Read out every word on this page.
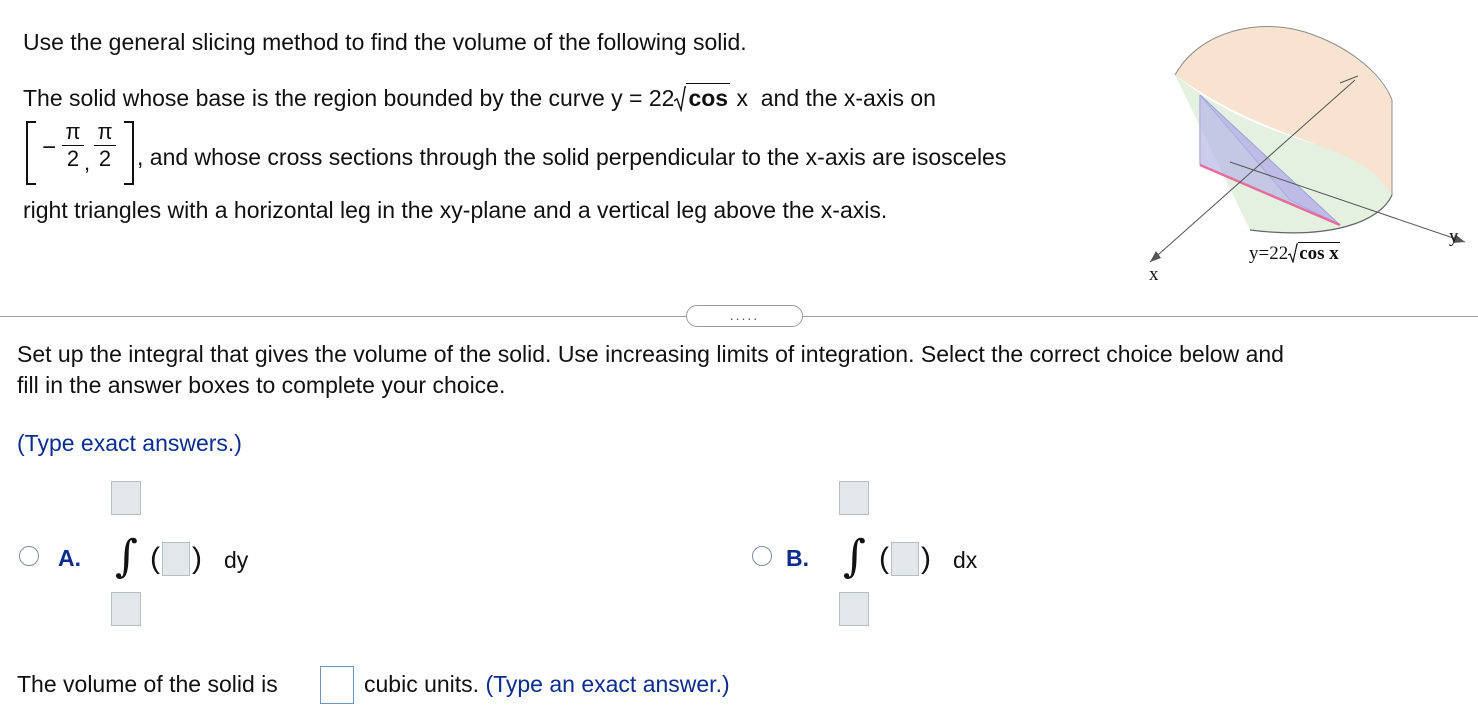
Use the general slicing method to find the volume of the following solid.
The solid whose base is the region bounded by the curve y = 22 cos x and the x-axis on
−
π
2 ,
π
2 , and whose cross sections through the solid perpendicular to the x-axis are isosceles
right triangles with a horizontal leg in the xy-plane and a vertical leg above the x-axis.
y
x
y=22 cos x
.....
Set up the integral that gives the volume of the solid. Use increasing limits of integration. Select the correct choice below and
fill in the answer boxes to complete your choice.
(Type exact answers.)
A. ∫ ( ) dy	B. ∫ ( ) dx
The volume of the solid is	cubic units. (Type an exact answer.)
